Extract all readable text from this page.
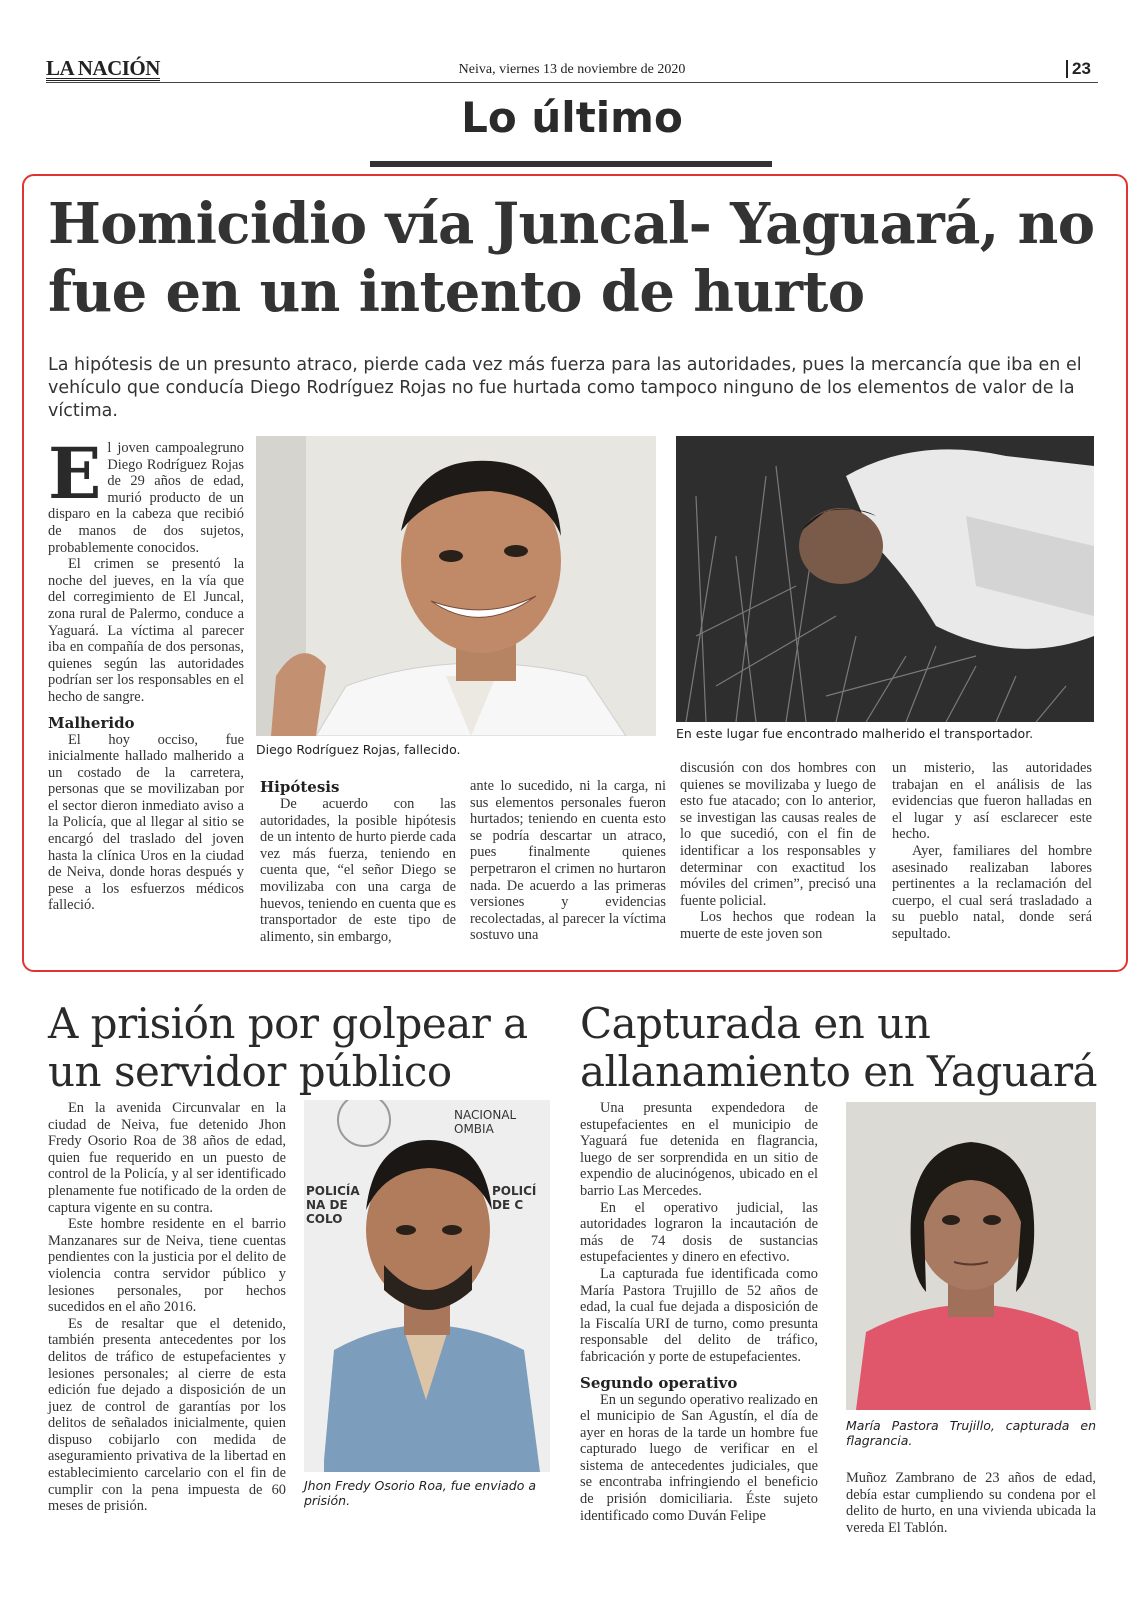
LA NACIÓN	Neiva, viernes 13 de noviembre de 2020	23
Lo último
Homicidio vía Juncal- Yaguará, no fue en un intento de hurto
La hipótesis de un presunto atraco, pierde cada vez más fuerza para las autoridades, pues la mercancía que iba en el vehículo que conducía Diego Rodríguez Rojas no fue hurtada como tampoco ninguno de los elementos de valor de la víctima.

El joven campoalegruno Diego Rodríguez Rojas de 29 años de edad, murió producto de un disparo en la cabeza que recibió de manos de dos sujetos, probablemente conocidos.

El crimen se presentó la noche del jueves, en la vía que del corregimiento de El Juncal, zona rural de Palermo, conduce a Yaguará. La víctima al parecer iba en compañía de dos personas, quienes según las autoridades podrían ser los responsables en el hecho de sangre.

Malherido

El hoy occiso, fue inicialmente hallado malherido a un costado de la carretera, personas que se movilizaban por el sector dieron inmediato aviso a la Policía, que al llegar al sitio se encargó del traslado del joven hasta la clínica Uros en la ciudad de Neiva, donde horas después y pese a los esfuerzos médicos falleció.

Diego Rodríguez Rojas, fallecido.
En este lugar fue encontrado malherido el transportador.
Hipótesis

De acuerdo con las autoridades, la posible hipótesis de un intento de hurto pierde cada vez más fuerza, teniendo en cuenta que, “el señor Diego se movilizaba con una carga de huevos, teniendo en cuenta que es transportador de este tipo de alimento, sin embargo,

ante lo sucedido, ni la carga, ni sus elementos personales fueron hurtados; teniendo en cuenta esto se podría descartar un atraco, pues finalmente quienes perpetraron el crimen no hurtaron nada. De acuerdo a las primeras versiones y evidencias recolectadas, al parecer la víctima sostuvo una

discusión con dos hombres con quienes se movilizaba y luego de esto fue atacado; con lo anterior, se investigan las causas reales de lo que sucedió, con el fin de identificar a los responsables y determinar con exactitud los móviles del crimen”, precisó una fuente policial.

Los hechos que rodean la muerte de este joven son

un misterio, las autoridades trabajan en el análisis de las evidencias que fueron halladas en el lugar y así esclarecer este hecho.

Ayer, familiares del hombre asesinado realizaban labores pertinentes a la reclamación del cuerpo, el cual será trasladado a su pueblo natal, donde será sepultado.

A prisión por golpear a un servidor público

En la avenida Circunvalar en la ciudad de Neiva, fue detenido Jhon Fredy Osorio Roa de 38 años de edad, quien fue requerido en un puesto de control de la Policía, y al ser identificado plenamente fue notificado de la orden de captura vigente en su contra.

Este hombre residente en el barrio Manzanares sur de Neiva, tiene cuentas pendientes con la justicia por el delito de violencia contra servidor público y lesiones personales, por hechos sucedidos en el año 2016.

Es de resaltar que el detenido, también presenta antecedentes por los delitos de tráfico de estupefacientes y lesiones personales; al cierre de esta edición fue dejado a disposición de un juez de control de garantías por los delitos de señalados inicialmente, quien dispuso cobijarlo con medida de aseguramiento privativa de la libertad en establecimiento carcelario con el fin de cumplir con la pena impuesta de 60 meses de prisión.

POLICÍA NA DE COLO
POLICÍ DE C
NACIONAL OMBIA
Jhon Fredy Osorio Roa, fue enviado a prisión.
Capturada en un allanamiento en Yaguará

Una presunta expendedora de estupefacientes en el municipio de Yaguará fue detenida en flagrancia, luego de ser sorprendida en un sitio de expendio de alucinógenos, ubicado en el barrio Las Mercedes.

En el operativo judicial, las autoridades lograron la incautación de más de 74 dosis de sustancias estupefacientes y dinero en efectivo.

La capturada fue identificada como María Pastora Trujillo de 52 años de edad, la cual fue dejada a disposición de la Fiscalía URI de turno, como presunta responsable del delito de tráfico, fabricación y porte de estupefacientes.

Segundo operativo

En un segundo operativo realizado en el municipio de San Agustín, el día de ayer en horas de la tarde un hombre fue capturado luego de verificar en el sistema de antecedentes judiciales, que se encontraba infringiendo el beneficio de prisión domiciliaria. Éste sujeto identificado como Duván Felipe

María Pastora Trujillo, capturada en flagrancia.

Muñoz Zambrano de 23 años de edad, debía estar cumpliendo su condena por el delito de hurto, en una vivienda ubicada la vereda El Tablón.
